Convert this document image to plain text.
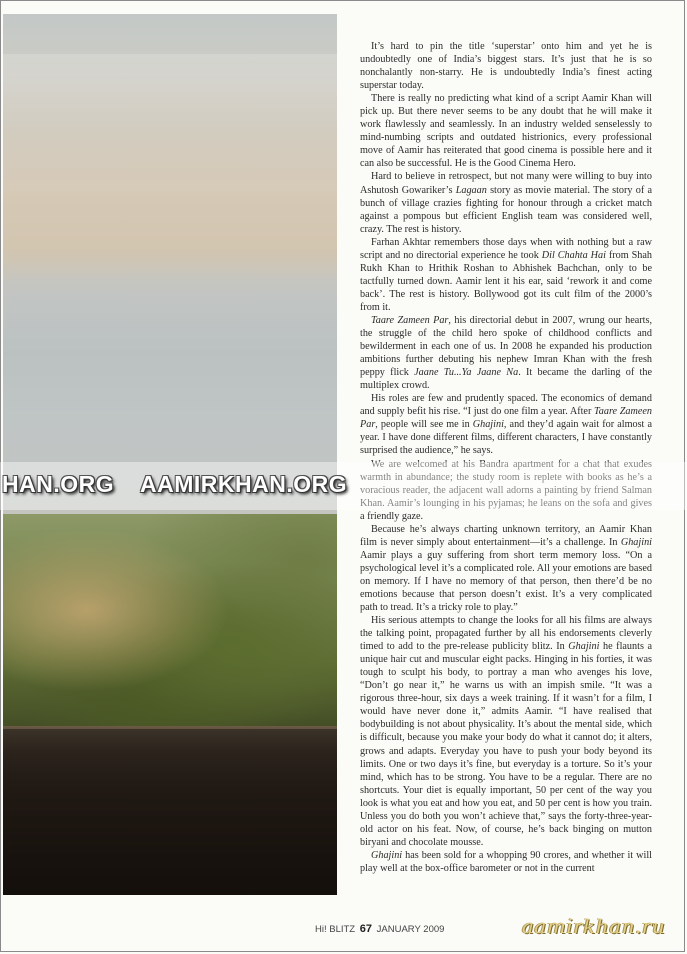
It’s hard to pin the title ‘superstar’ onto him and yet he is undoubtedly one of India’s biggest stars. It’s just that he is so nonchalantly non-starry. He is undoubtedly India’s finest acting superstar today.

There is really no predicting what kind of a script Aamir Khan will pick up. But there never seems to be any doubt that he will make it work flawlessly and seamlessly. In an industry welded senselessly to mind-numbing scripts and outdated histrionics, every professional move of Aamir has reiterated that good cinema is possible here and it can also be successful. He is the Good Cinema Hero.

Hard to believe in retrospect, but not many were willing to buy into Ashutosh Gowariker’s Lagaan story as movie material. The story of a bunch of village crazies fighting for honour through a cricket match against a pompous but efficient English team was considered well, crazy. The rest is history.

Farhan Akhtar remembers those days when with nothing but a raw script and no directorial experience he took Dil Chahta Hai from Shah Rukh Khan to Hrithik Roshan to Abhishek Bachchan, only to be tactfully turned down. Aamir lent it his ear, said ‘rework it and come back’. The rest is history. Bollywood got its cult film of the 2000’s from it.

Taare Zameen Par, his directorial debut in 2007, wrung our hearts, the struggle of the child hero spoke of childhood conflicts and bewilderment in each one of us. In 2008 he expanded his production ambitions further debuting his nephew Imran Khan with the fresh peppy flick Jaane Tu...Ya Jaane Na. It became the darling of the multiplex crowd.

His roles are few and prudently spaced. The economics of demand and supply befit his rise. “I just do one film a year. After Taare Zameen Par, people will see me in Ghajini, and they’d again wait for almost a year. I have done different films, different characters, I have constantly surprised the audience,” he says.

We are welcomed at his Bandra apartment for a chat that exudes warmth in abundance; the study room is replete with books as he’s a voracious reader, the adjacent wall adorns a painting by friend Salman Khan. Aamir’s lounging in his pyjamas; he leans on the sofa and gives a friendly gaze.

Because he’s always charting unknown territory, an Aamir Khan film is never simply about entertainment—it’s a challenge. In Ghajini Aamir plays a guy suffering from short term memory loss. “On a psychological level it’s a complicated role. All your emotions are based on memory. If I have no memory of that person, then there’d be no emotions because that person doesn’t exist. It’s a very complicated path to tread. It’s a tricky role to play.”

His serious attempts to change the looks for all his films are always the talking point, propagated further by all his endorsements cleverly timed to add to the pre-release publicity blitz. In Ghajini he flaunts a unique hair cut and muscular eight packs. Hinging in his forties, it was tough to sculpt his body, to portray a man who avenges his love, “Don’t go near it,” he warns us with an impish smile. “It was a rigorous three-hour, six days a week training. If it wasn’t for a film, I would have never done it,” admits Aamir. “I have realised that bodybuilding is not about physicality. It’s about the mental side, which is difficult, because you make your body do what it cannot do; it alters, grows and adapts. Everyday you have to push your body beyond its limits. One or two days it’s fine, but everyday is a torture. So it’s your mind, which has to be strong. You have to be a regular. There are no shortcuts. Your diet is equally important, 50 per cent of the way you look is what you eat and how you eat, and 50 per cent is how you train. Unless you do both you won’t achieve that,” says the forty-three-year-old actor on his feat. Now, of course, he’s back binging on mutton biryani and chocolate mousse.

Ghajini has been sold for a whopping 90 crores, and whether it will play well at the box-office barometer or not in the current

HAN.ORG AAMIRKHAN.ORG
Hi! BLITZ 67 JANUARY 2009	aamirkhan.ru
